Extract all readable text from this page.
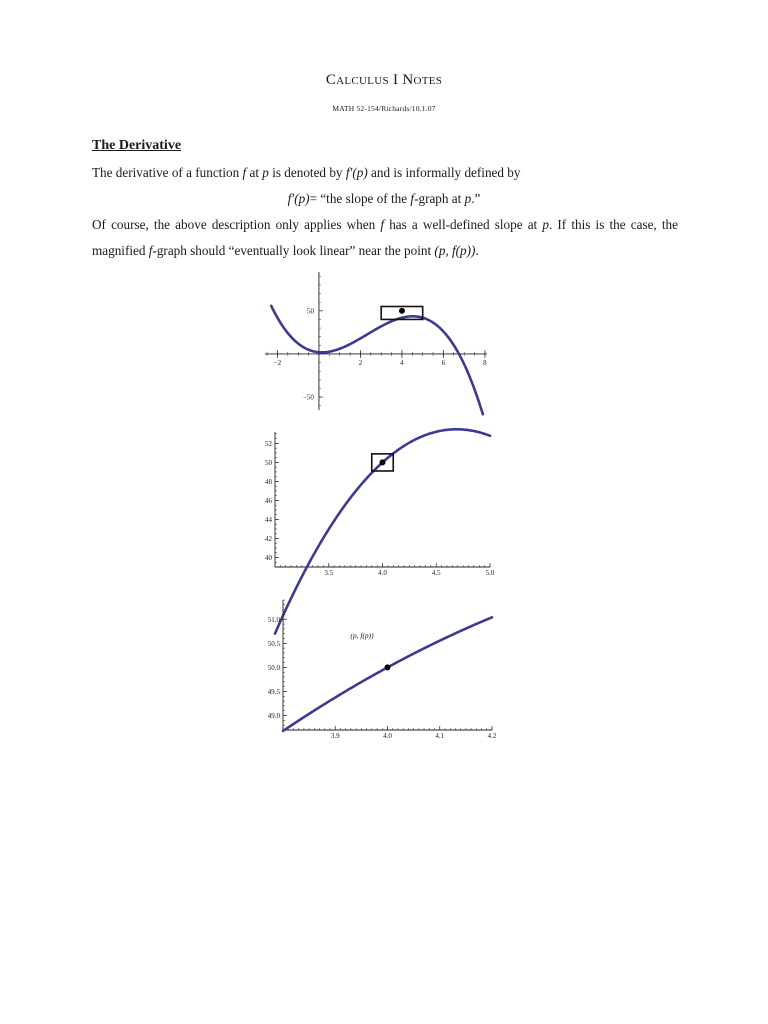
Calculus I Notes
MATH 52-154/Richards/10.1.07
The Derivative
The derivative of a function f at p is denoted by f′(p) and is informally defined by
f′(p)= “the slope of the f-graph at p.”
Of course, the above description only applies when f has a well-defined slope at p. If this is the case, the magnified f-graph should “eventually look linear” near the point (p, f(p)).
−2	2	4	6	8
50
−50
3.5	4.0	4.5	5.0
52
50
48
46
44
42
40
3.9	4.0	4.1	4.2
51.0
50.5
50.0
49.5
49.0
(p, f(p))
